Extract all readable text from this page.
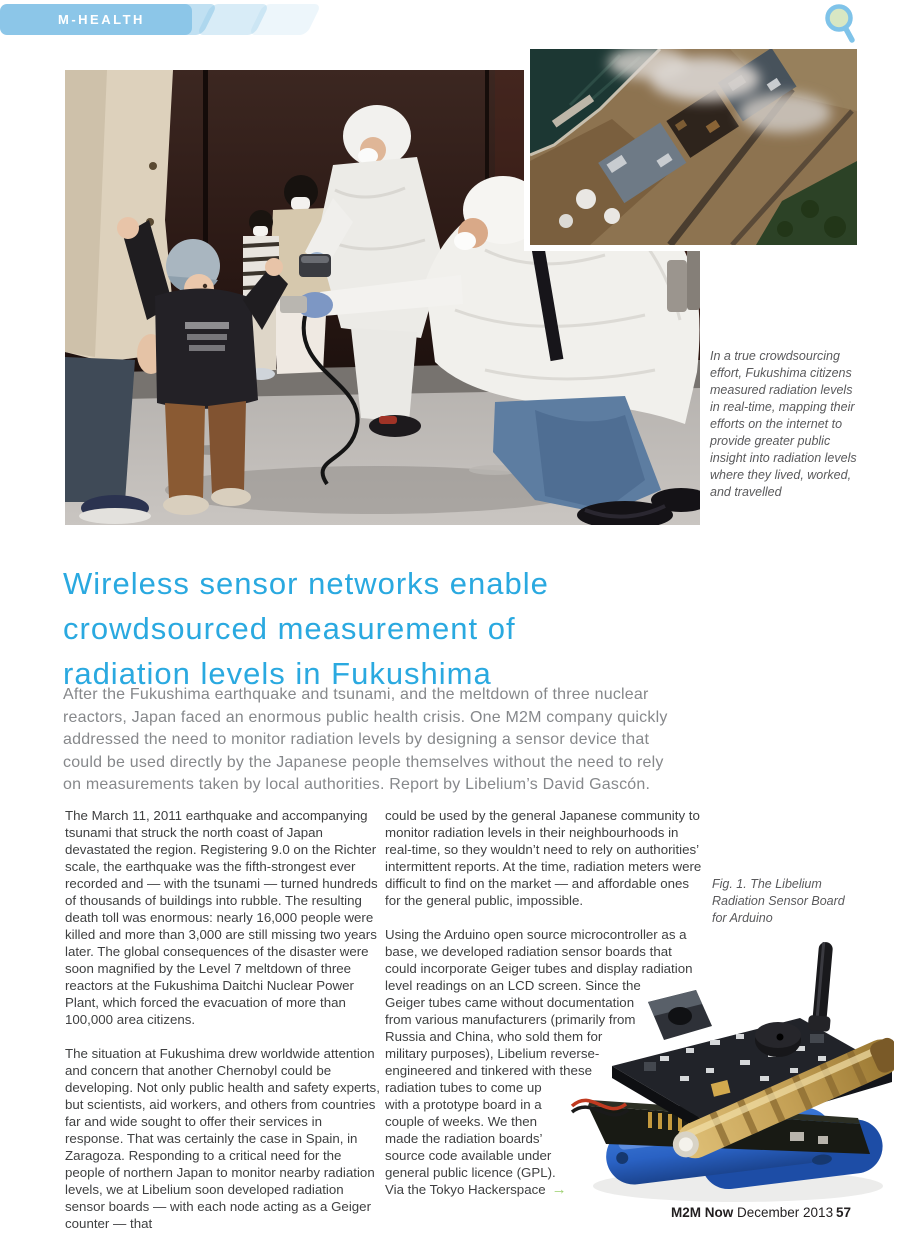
M-HEALTH
In a true crowdsourcing effort, Fukushima citizens measured radiation levels in real-time, mapping their efforts on the internet to provide greater public insight into radiation levels where they lived, worked, and travelled
Wireless sensor networks enable
crowdsourced measurement of
radiation levels in Fukushima
After the Fukushima earthquake and tsunami, and the meltdown of three nuclear reactors, Japan faced an enormous public health crisis. One M2M company quickly addressed the need to monitor radiation levels by designing a sensor device that could be used directly by the Japanese people themselves without the need to rely on measurements taken by local authorities. Report by Libelium’s David Gascón.

The March 11, 2011 earthquake and accompanying tsunami that struck the north coast of Japan devastated the region. Registering 9.0 on the Richter scale, the earthquake was the fifth-strongest ever recorded and — with the tsunami — turned hundreds of thousands of buildings into rubble. The resulting death toll was enormous: nearly 16,000 people were killed and more than 3,000 are still missing two years later. The global consequences of the disaster were soon magnified by the Level 7 meltdown of three reactors at the Fukushima Daitchi Nuclear Power Plant, which forced the evacuation of more than 100,000 area citizens.

The situation at Fukushima drew worldwide attention and concern that another Chernobyl could be developing. Not only public health and safety experts, but scientists, aid workers, and others from countries far and wide sought to offer their services in response. That was certainly the case in Spain, in Zaragoza. Responding to a critical need for the people of northern Japan to monitor nearby radiation levels, we at Libelium soon developed radiation sensor boards — with each node acting as a Geiger counter — that

could be used by the general Japanese community to monitor radiation levels in their neighbourhoods in real-time, so they wouldn’t need to rely on authorities’ intermittent reports. At the time, radiation meters were difficult to find on the market — and affordable ones for the general public, impossible.

Using the Arduino open source microcontroller as a base, we developed radiation sensor boards that could incorporate Geiger tubes and display radiation level readings on an LCD screen. Since the Geiger tubes came without documentation from various manufacturers (primarily from Russia and China, who sold them for military purposes), Libelium reverse-engineered and tinkered with these radiation tubes to come up with a prototype board in a couple of weeks. We then made the radiation boards’ source code available under general public licence (GPL). Via the Tokyo Hackerspace →

Fig. 1. The Libelium Radiation Sensor Board for Arduino
M2M Now December 2013 57
